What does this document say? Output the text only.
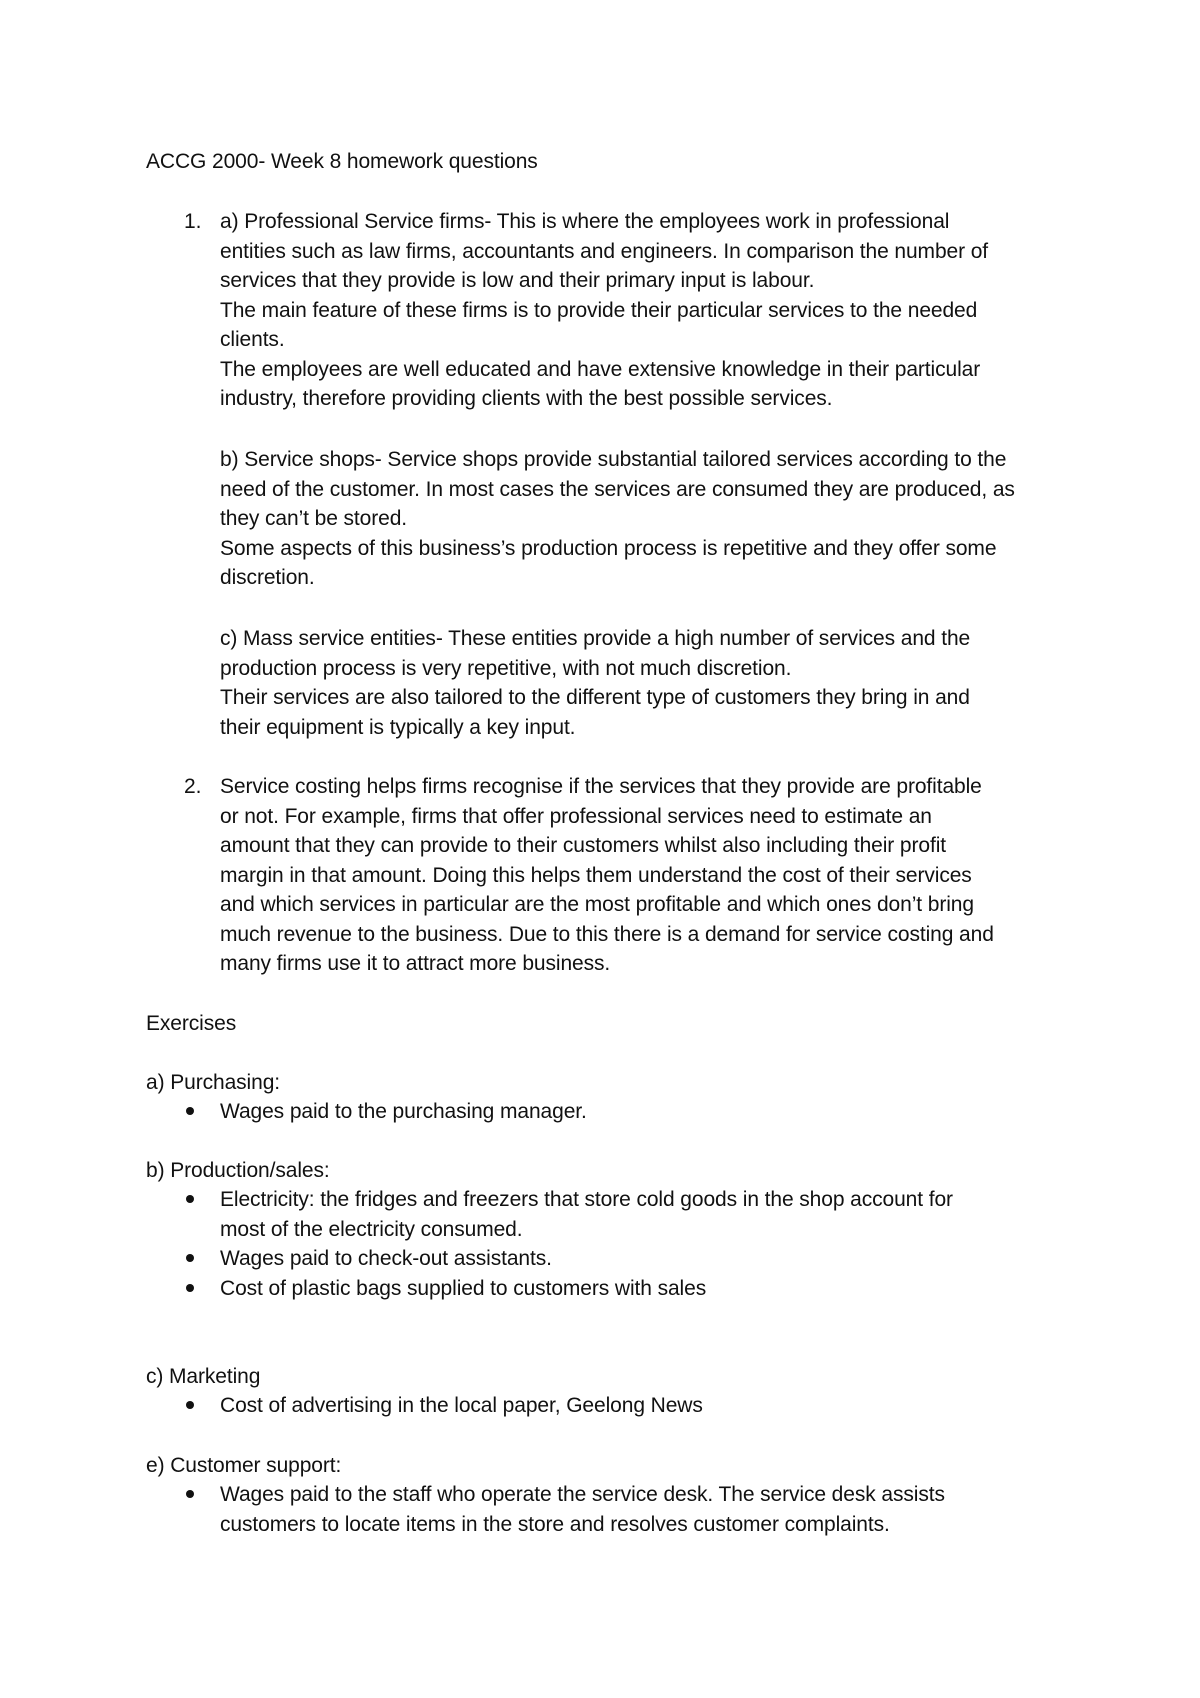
ACCG 2000- Week 8 homework questions
1. a) Professional Service firms- This is where the employees work in professional
entities such as law firms, accountants and engineers. In comparison the number of
services that they provide is low and their primary input is labour.
The main feature of these firms is to provide their particular services to the needed
clients.
The employees are well educated and have extensive knowledge in their particular
industry, therefore providing clients with the best possible services.
b) Service shops- Service shops provide substantial tailored services according to the
need of the customer. In most cases the services are consumed they are produced, as
they can’t be stored.
Some aspects of this business’s production process is repetitive and they offer some
discretion.
c) Mass service entities- These entities provide a high number of services and the
production process is very repetitive, with not much discretion.
Their services are also tailored to the different type of customers they bring in and
their equipment is typically a key input.
2. Service costing helps firms recognise if the services that they provide are profitable
or not. For example, firms that offer professional services need to estimate an
amount that they can provide to their customers whilst also including their profit
margin in that amount. Doing this helps them understand the cost of their services
and which services in particular are the most profitable and which ones don’t bring
much revenue to the business. Due to this there is a demand for service costing and
many firms use it to attract more business.
Exercises
a) Purchasing:
Wages paid to the purchasing manager.
b) Production/sales:
Electricity: the fridges and freezers that store cold goods in the shop account for
most of the electricity consumed.
Wages paid to check-out assistants.
Cost of plastic bags supplied to customers with sales
c) Marketing
Cost of advertising in the local paper, Geelong News
e) Customer support:
Wages paid to the staff who operate the service desk. The service desk assists
customers to locate items in the store and resolves customer complaints.
